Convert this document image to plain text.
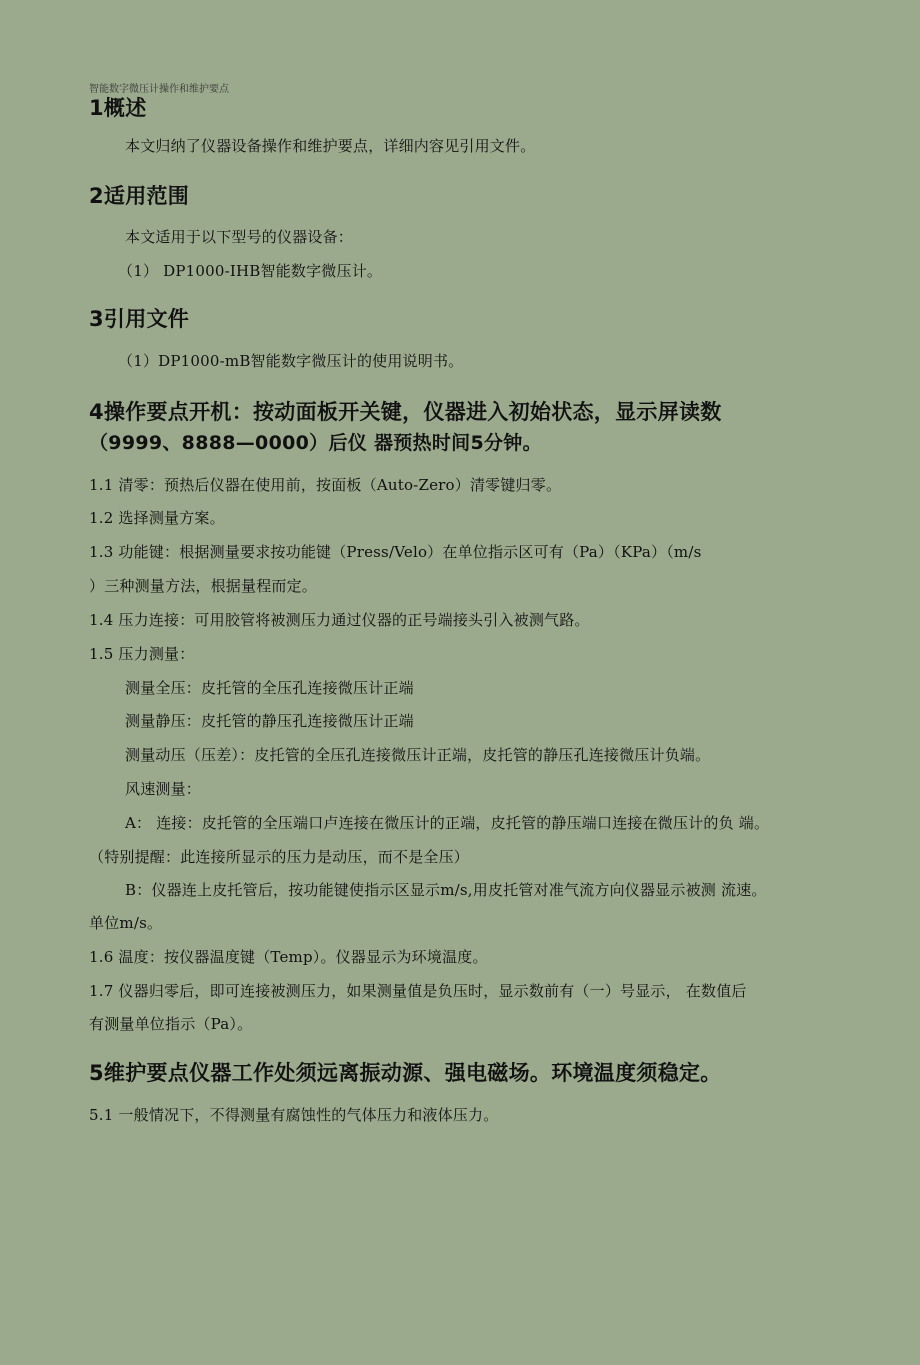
智能数字微压计操作和维护要点
1概述
本文归纳了仪器设备操作和维护要点，详细内容见引用文件。
2适用范围
本文适用于以下型号的仪器设备：
（1） DP1000-IHB智能数字微压计。
3引用文件
（1）DP1000-mB智能数字微压计的使用说明书。
4操作要点开机：按动面板开关键，仪器进入初始状态，显示屏读数
（9999、8888—0000）后仪 器预热时间5分钟。
1.1 清零：预热后仪器在使用前，按面板（Auto-Zero）清零键归零。
1.2 选择测量方案。
1.3 功能键：根据测量要求按功能键（Press/Velo）在单位指示区可有（Pa）（KPa）（m/s
）三种测量方法，根据量程而定。
1.4 压力连接：可用胶管将被测压力通过仪器的正号端接头引入被测气路。
1.5 压力测量：
测量全压：皮托管的全压孔连接微压计正端
测量静压：皮托管的静压孔连接微压计正端
测量动压（压差）：皮托管的全压孔连接微压计正端，皮托管的静压孔连接微压计负端。
风速测量：
A： 连接：皮托管的全压端口卢连接在微压计的正端，皮托管的静压端口连接在微压计的负 端。
（特别提醒：此连接所显示的压力是动压，而不是全压）
B：仪器连上皮托管后，按功能键使指示区显示m/s,用皮托管对准气流方向仪器显示被测 流速。
单位m/s。
1.6 温度：按仪器温度键（Temp）。仪器显示为环境温度。
1.7 仪器归零后，即可连接被测压力，如果测量值是负压时，显示数前有（一）号显示， 在数值后
有测量单位指示（Pa）。
5维护要点仪器工作处须远离振动源、强电磁场。环境温度须稳定。
5.1 一般情况下，不得测量有腐蚀性的气体压力和液体压力。
